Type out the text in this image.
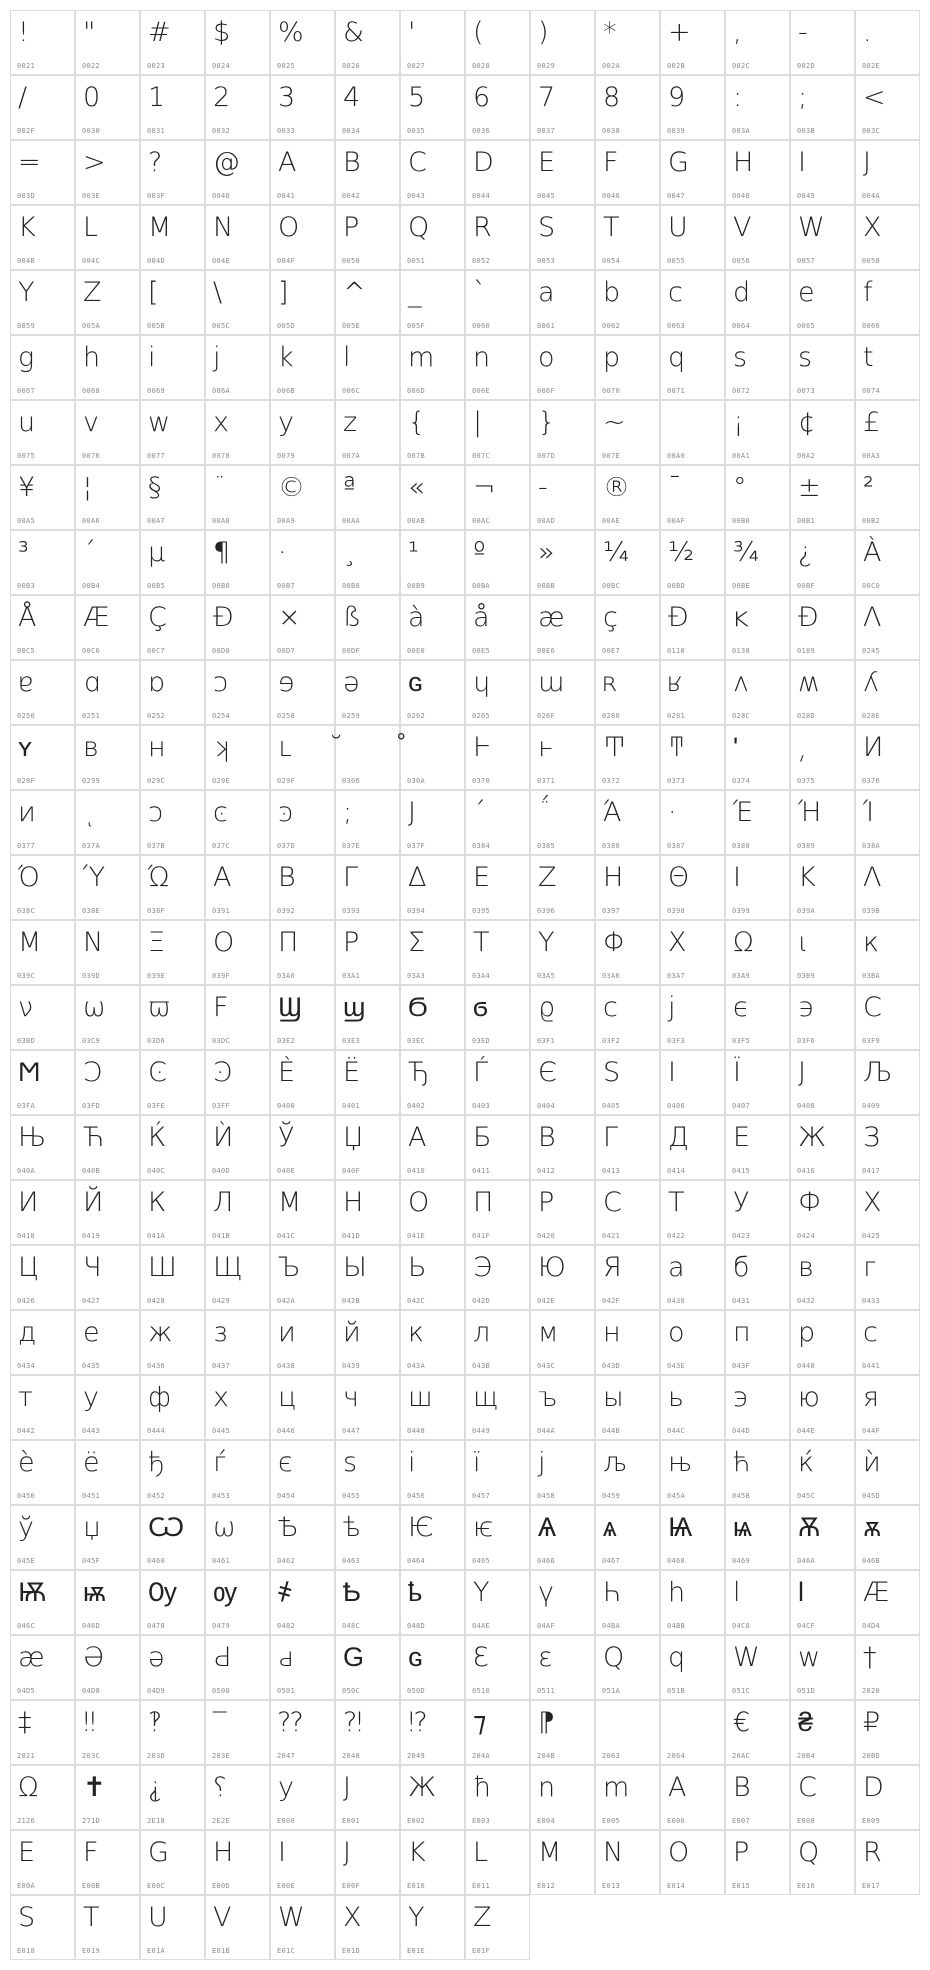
!
0021
"
0022
#
0023
$
0024
%
0025
&
0026
'
0027
(
0028
)
0029
*
002A
+
002B
,
002C
-
002D
.
002E
/
002F
0
0030
1
0031
2
0032
3
0033
4
0034
5
0035
6
0036
7
0037
8
0038
9
0039
:
003A
;
003B
<
003C
=
003D
>
003E
?
003F
@
0040
A
0041
B
0042
C
0043
D
0044
E
0045
F
0046
G
0047
H
0048
I
0049
J
004A
K
004B
L
004C
M
004D
N
004E
O
004F
P
0050
Q
0051
R
0052
S
0053
T
0054
U
0055
V
0056
W
0057
X
0058
Y
0059
Z
005A
[
005B
\
005C
]
005D
^
005E
_
005F
`
0060
a
0061
b
0062
c
0063
d
0064
e
0065
f
0066
g
0067
h
0068
i
0069
j
006A
k
006B
l
006C
m
006D
n
006E
o
006F
p
0070
q
0071
s
0072
s
0073
t
0074
u
0075
v
0076
w
0077
x
0078
y
0079
z
007A
{
007B
|
007C
}
007D
~
007E	00A0
¡
00A1
¢
00A2
£
00A3
¥
00A5
¦
00A6
§
00A7
¨
00A8
©
00A9
ª
00AA
«
00AB
¬
00AC
-
00AD
®
00AE
¯
00AF
°
00B0
±
00B1
²
00B2
³
00B3
´
00B4
µ
00B5
¶
00B6
·
00B7
¸
00B8
¹
00B9
º
00BA
»
00BB
¼
00BC
½
00BD
¾
00BE
¿
00BF
À
00C0
Å
00C5
Æ
00C6
Ç
00C7
Ð
00D0
×
00D7
ß
00DF
à
00E0
å
00E5
æ
00E6
ç
00E7
Đ
0110
ĸ
0138
Ɖ
0189
Ʌ
0245
ɐ
0250
ɑ
0251
ɒ
0252
ɔ
0254
ɘ
0258
ə
0259
ɢ
0262
ɥ
0265
ɯ
026F
ʀ
0280
ʁ
0281
ʌ
028C
ʍ
028D
ʎ
028E
ʏ
028F
ʙ
0299
ʜ
029C
ʞ
029E
ʟ
029F	0306	030A
Ͱ
0370
ͱ
0371
Ͳ
0372
ͳ
0373
ʹ
0374
͵
0375
Ͷ
0376
ͷ
0377
ͺ
037A
ͻ
037B
ͼ
037C
ͽ
037D
;
037E
Ϳ
037F
΄
0384
΅
0385
Ά
0386
·
0387
Έ
0388
Ή
0389
Ί
038A
Ό
038C
Ύ
038E
Ώ
038F
Α
0391
Β
0392
Γ
0393
Δ
0394
Ε
0395
Ζ
0396
Η
0397
Θ
0398
Ι
0399
Κ
039A
Λ
039B
Μ
039C
Ν
039D
Ξ
039E
Ο
039F
Π
03A0
Ρ
03A1
Σ
03A3
Τ
03A4
Υ
03A5
Φ
03A6
Χ
03A7
Ω
03A9
ι
03B9
κ
03BA
ν
03BD
ω
03C9
ϖ
03D6
Ϝ
03DC
Ϣ
03E2
ϣ
03E3
Ϭ
03EC
ϭ
03ED
ϱ
03F1
ϲ
03F2
ϳ
03F3
ϵ
03F5
϶
03F6
Ϲ
03F9
Ϻ
03FA
Ͻ
03FD
Ͼ
03FE
Ͽ
03FF
Ѐ
0400
Ё
0401
Ђ
0402
Ѓ
0403
Є
0404
Ѕ
0405
І
0406
Ї
0407
Ј
0408
Љ
0409
Њ
040A
Ћ
040B
Ќ
040C
Ѝ
040D
Ў
040E
Џ
040F
А
0410
Б
0411
В
0412
Г
0413
Д
0414
Е
0415
Ж
0416
З
0417
И
0418
Й
0419
К
041A
Л
041B
М
041C
Н
041D
О
041E
П
041F
Р
0420
С
0421
Т
0422
У
0423
Ф
0424
Х
0425
Ц
0426
Ч
0427
Ш
0428
Щ
0429
Ъ
042A
Ы
042B
Ь
042C
Э
042D
Ю
042E
Я
042F
а
0430
б
0431
в
0432
г
0433
д
0434
е
0435
ж
0436
з
0437
и
0438
й
0439
к
043A
л
043B
м
043C
н
043D
о
043E
п
043F
р
0440
с
0441
т
0442
у
0443
ф
0444
х
0445
ц
0446
ч
0447
ш
0448
щ
0449
ъ
044A
ы
044B
ь
044C
э
044D
ю
044E
я
044F
ѐ
0450
ё
0451
ђ
0452
ѓ
0453
є
0454
ѕ
0455
і
0456
ї
0457
ј
0458
љ
0459
њ
045A
ћ
045B
ќ
045C
ѝ
045D
ў
045E
џ
045F
Ѡ
0460
ѡ
0461
Ѣ
0462
ѣ
0463
Ѥ
0464
ѥ
0465
Ѧ
0466
ѧ
0467
Ѩ
0468
ѩ
0469
Ѫ
046A
ѫ
046B
Ѭ
046C
ѭ
046D
Ѹ
0478
ѹ
0479
҂
0482
Ҍ
048C
ҍ
048D
Ү
04AE
ү
04AF
Һ
04BA
һ
04BB
Ӏ
04C0
ӏ
04CF
Ӕ
04D4
ӕ
04D5
Ә
04D8
ә
04D9
Ԁ
0500
ԁ
0501
Ԍ
050C
ԍ
050D
Ԑ
0510
ԑ
0511
Ԛ
051A
ԛ
051B
Ԝ
051C
ԝ
051D
†
2020
‡
2021
‼
203C
‽
203D
‾
203E
⁇
2047
⁈
2048
⁉
2049
⁊
204A
⁋
204B	2063	2064
€
20AC
₴
20B4
₽
20BD
Ω
2126
✝
271D
⸘
2E18
⸮
2E2E
y
E000
J
E001
Ж
E002
ħ
E003
n
E004
m
E005
A
E006
B
E007
C
E008
D
E009
E
E00A
F
E00B
G
E00C
H
E00D
I
E00E
J
E00F
K
E010
L
E011
M
E012
N
E013
O
E014
P
E015
Q
E016
R
E017
S
E018
T
E019
U
E01A
V
E01B
W
E01C
X
E01D
Y
E01E
Z
E01F
